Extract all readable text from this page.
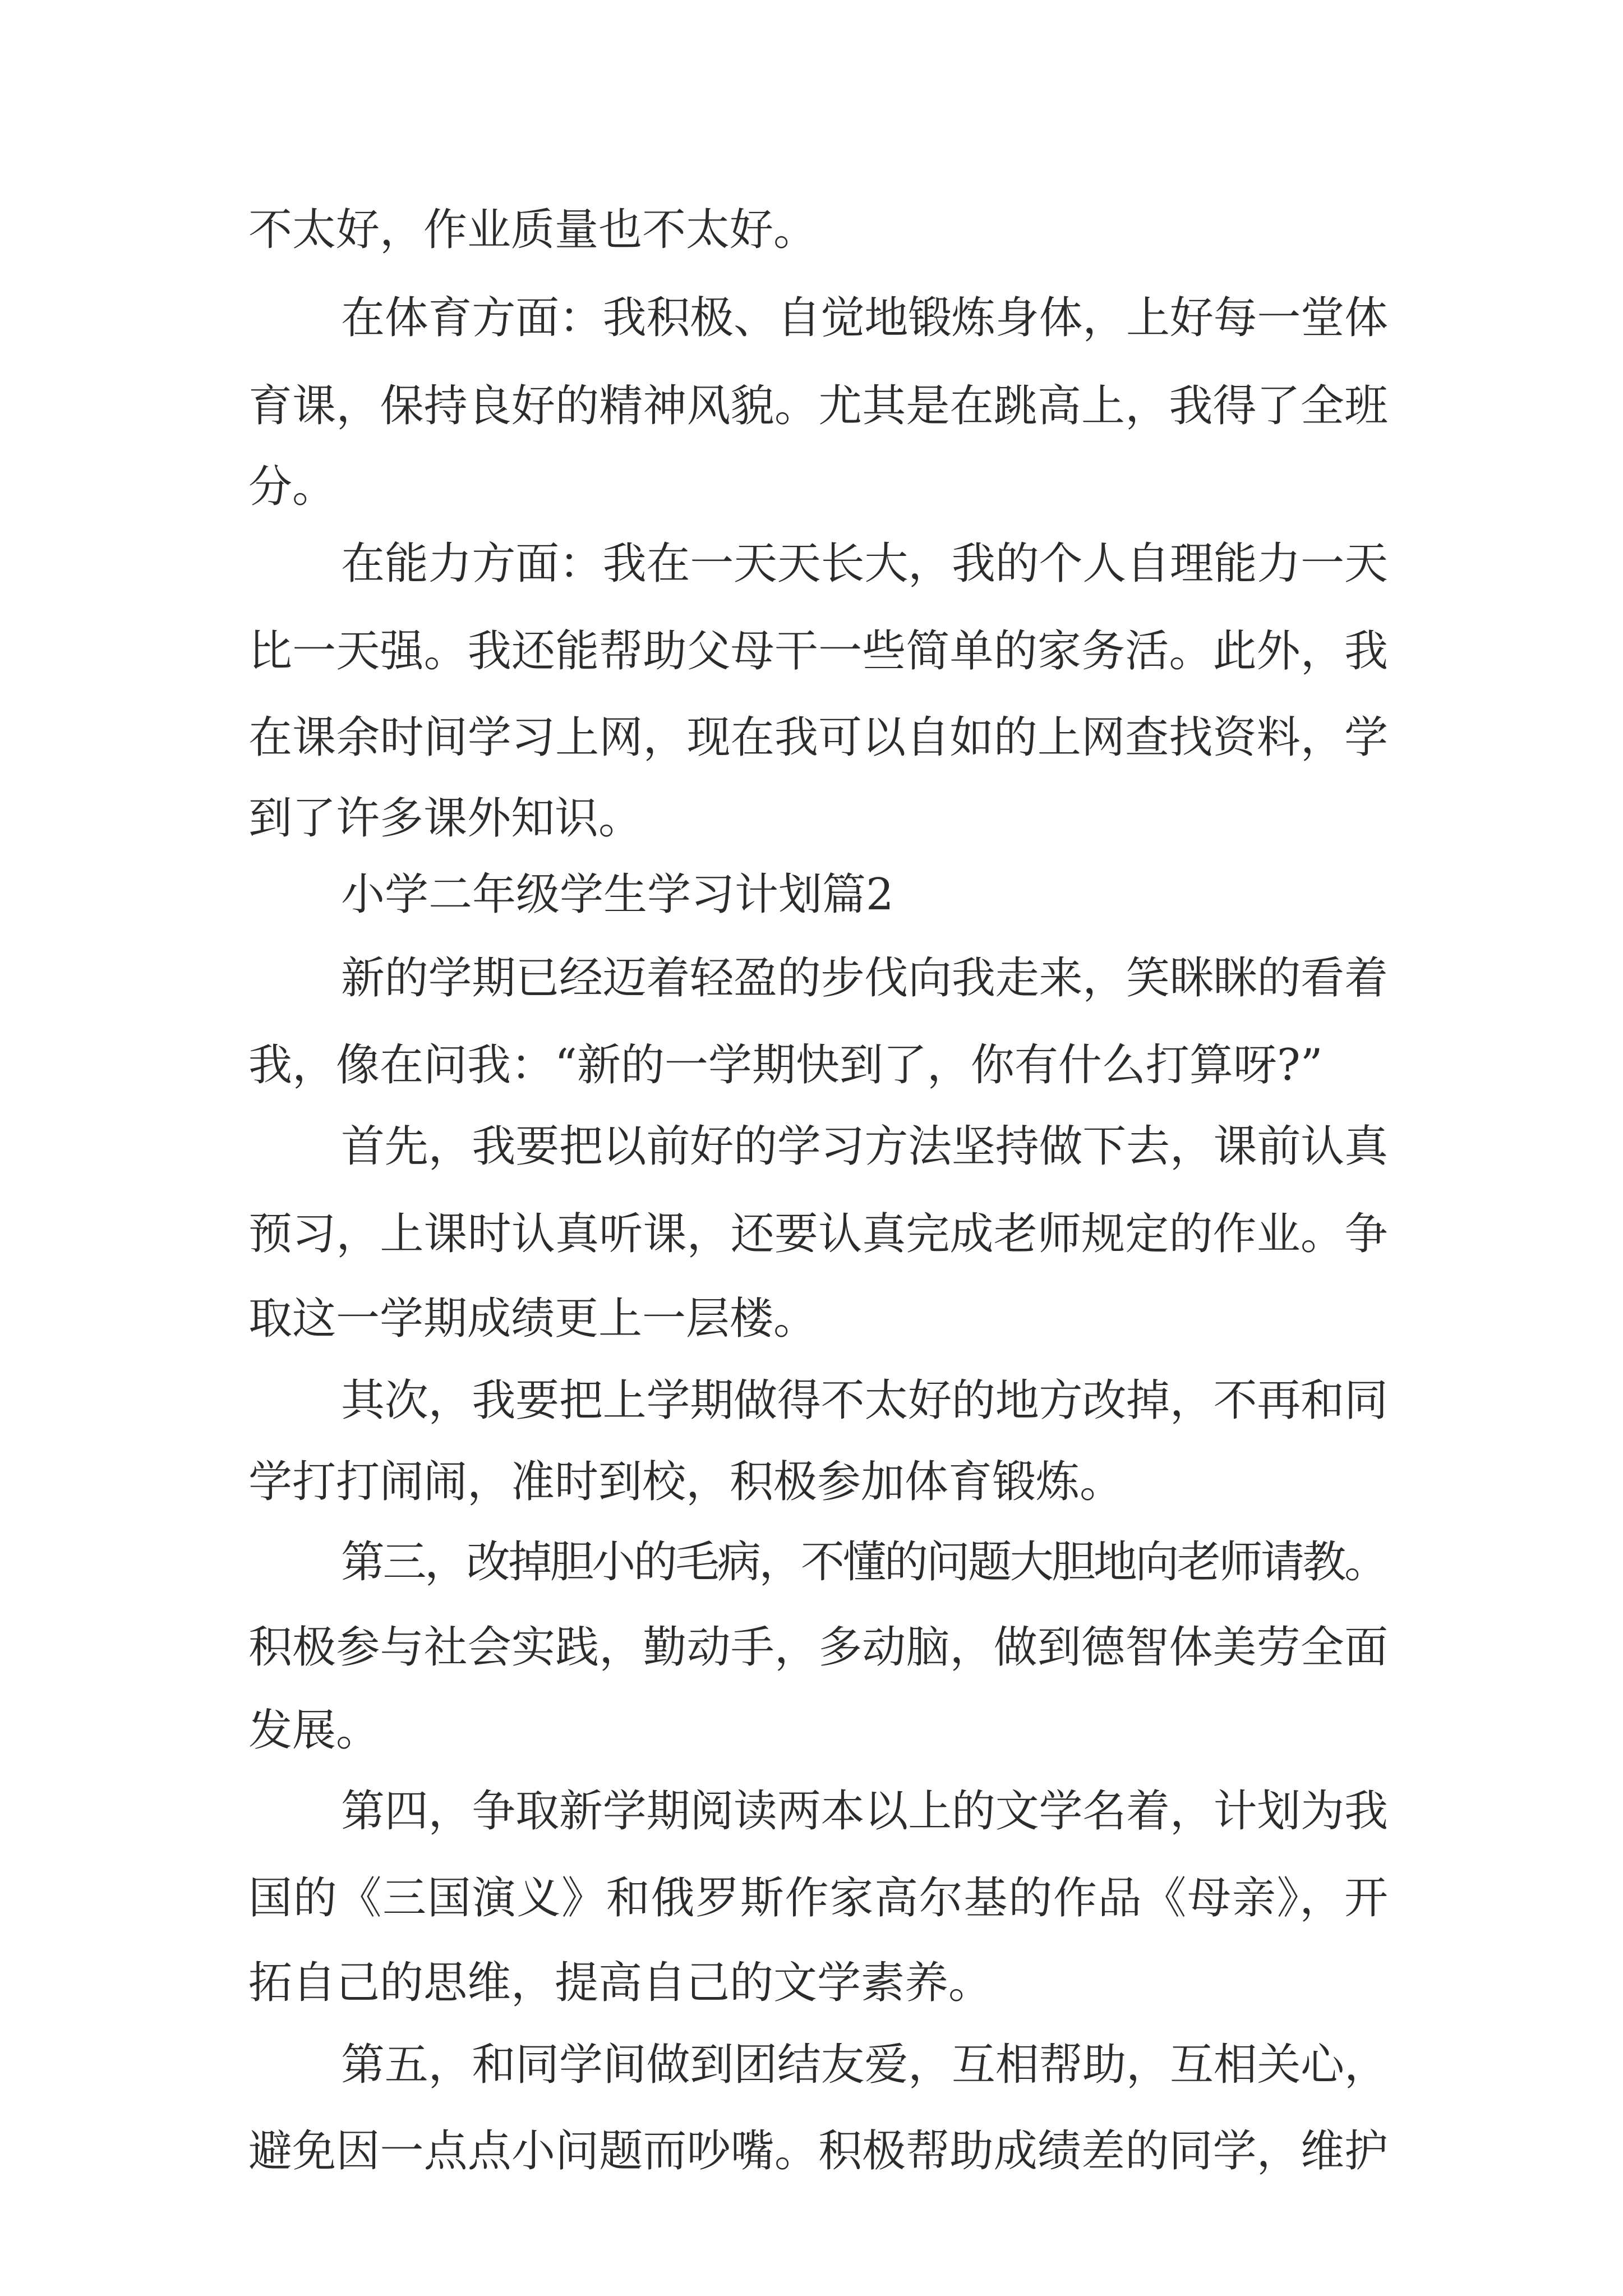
不太好，作业质量也不太好。

在体育方面：我积极、自觉地锻炼身体，上好每一堂体

育课，保持良好的精神风貌。尤其是在跳高上，我得了全班

分。

在能力方面：我在一天天长大，我的个人自理能力一天

比一天强。我还能帮助父母干一些简单的家务活。此外，我

在课余时间学习上网，现在我可以自如的上网查找资料，学

到了许多课外知识。

小学二年级学生学习计划篇2

新的学期已经迈着轻盈的步伐向我走来，笑眯眯的看着

我，像在问我：“新的一学期快到了，你有什么打算呀?”

首先，我要把以前好的学习方法坚持做下去，课前认真

预习，上课时认真听课，还要认真完成老师规定的作业。争

取这一学期成绩更上一层楼。

其次，我要把上学期做得不太好的地方改掉，不再和同

学打打闹闹，准时到校，积极参加体育锻炼。

第三，改掉胆小的毛病，不懂的问题大胆地向老师请教。

积极参与社会实践，勤动手，多动脑，做到德智体美劳全面

发展。

第四，争取新学期阅读两本以上的文学名着，计划为我

国的《三国演义》和俄罗斯作家高尔基的作品《母亲》，开

拓自己的思维，提高自己的文学素养。

第五，和同学间做到团结友爱，互相帮助，互相关心，

避免因一点点小问题而吵嘴。积极帮助成绩差的同学，维护
